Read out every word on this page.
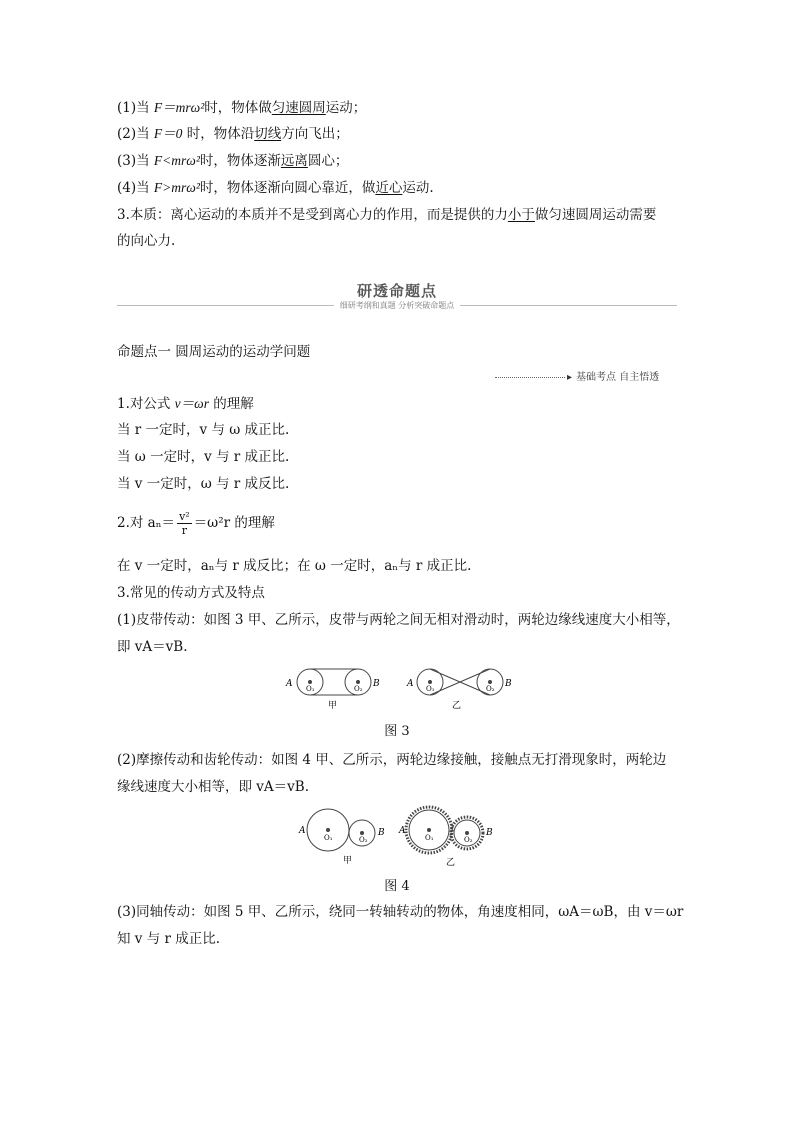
(1)当 F＝mrω²时，物体做匀速圆周运动；
(2)当 F＝0 时，物体沿切线方向飞出；
(3)当 F<mrω²时，物体逐渐远离圆心；
(4)当 F>mrω²时，物体逐渐向圆心靠近，做近心运动.
3.本质：离心运动的本质并不是受到离心力的作用，而是提供的力小于做匀速圆周运动需要
的向心力.
研透命题点
细研考纲和真题 分析突破命题点
命题点一 圆周运动的运动学问题
▸ 基础考点 自主悟透
1.对公式 v＝ωr 的理解
当 r 一定时，v 与 ω 成正比.
当 ω 一定时，v 与 r 成正比.
当 v 一定时，ω 与 r 成反比.
2.对 $a_n= \frac{\text{v²}}{r} =\omega^2r$ 的理解
在 v 一定时，aₙ与 r 成反比；在 ω 一定时，aₙ与 r 成正比.
3.常见的传动方式及特点
(1)皮带传动：如图 3 甲、乙所示，皮带与两轮之间无相对滑动时，两轮边缘线速度大小相等，
即 vA＝vB.
A	B
O₁	O₂
甲
A	B
O₁	O₂
乙
图 3
(2)摩擦传动和齿轮传动：如图 4 甲、乙所示，两轮边缘接触，接触点无打滑现象时，两轮边
缘线速度大小相等，即 vA＝vB.
A	B
O₁	O₂
甲
A	B
O₁	O₂
乙
图 4
(3)同轴传动：如图 5 甲、乙所示，绕同一转轴转动的物体，角速度相同，ωA＝ωB，由 v＝ωr
知 v 与 r 成正比.
